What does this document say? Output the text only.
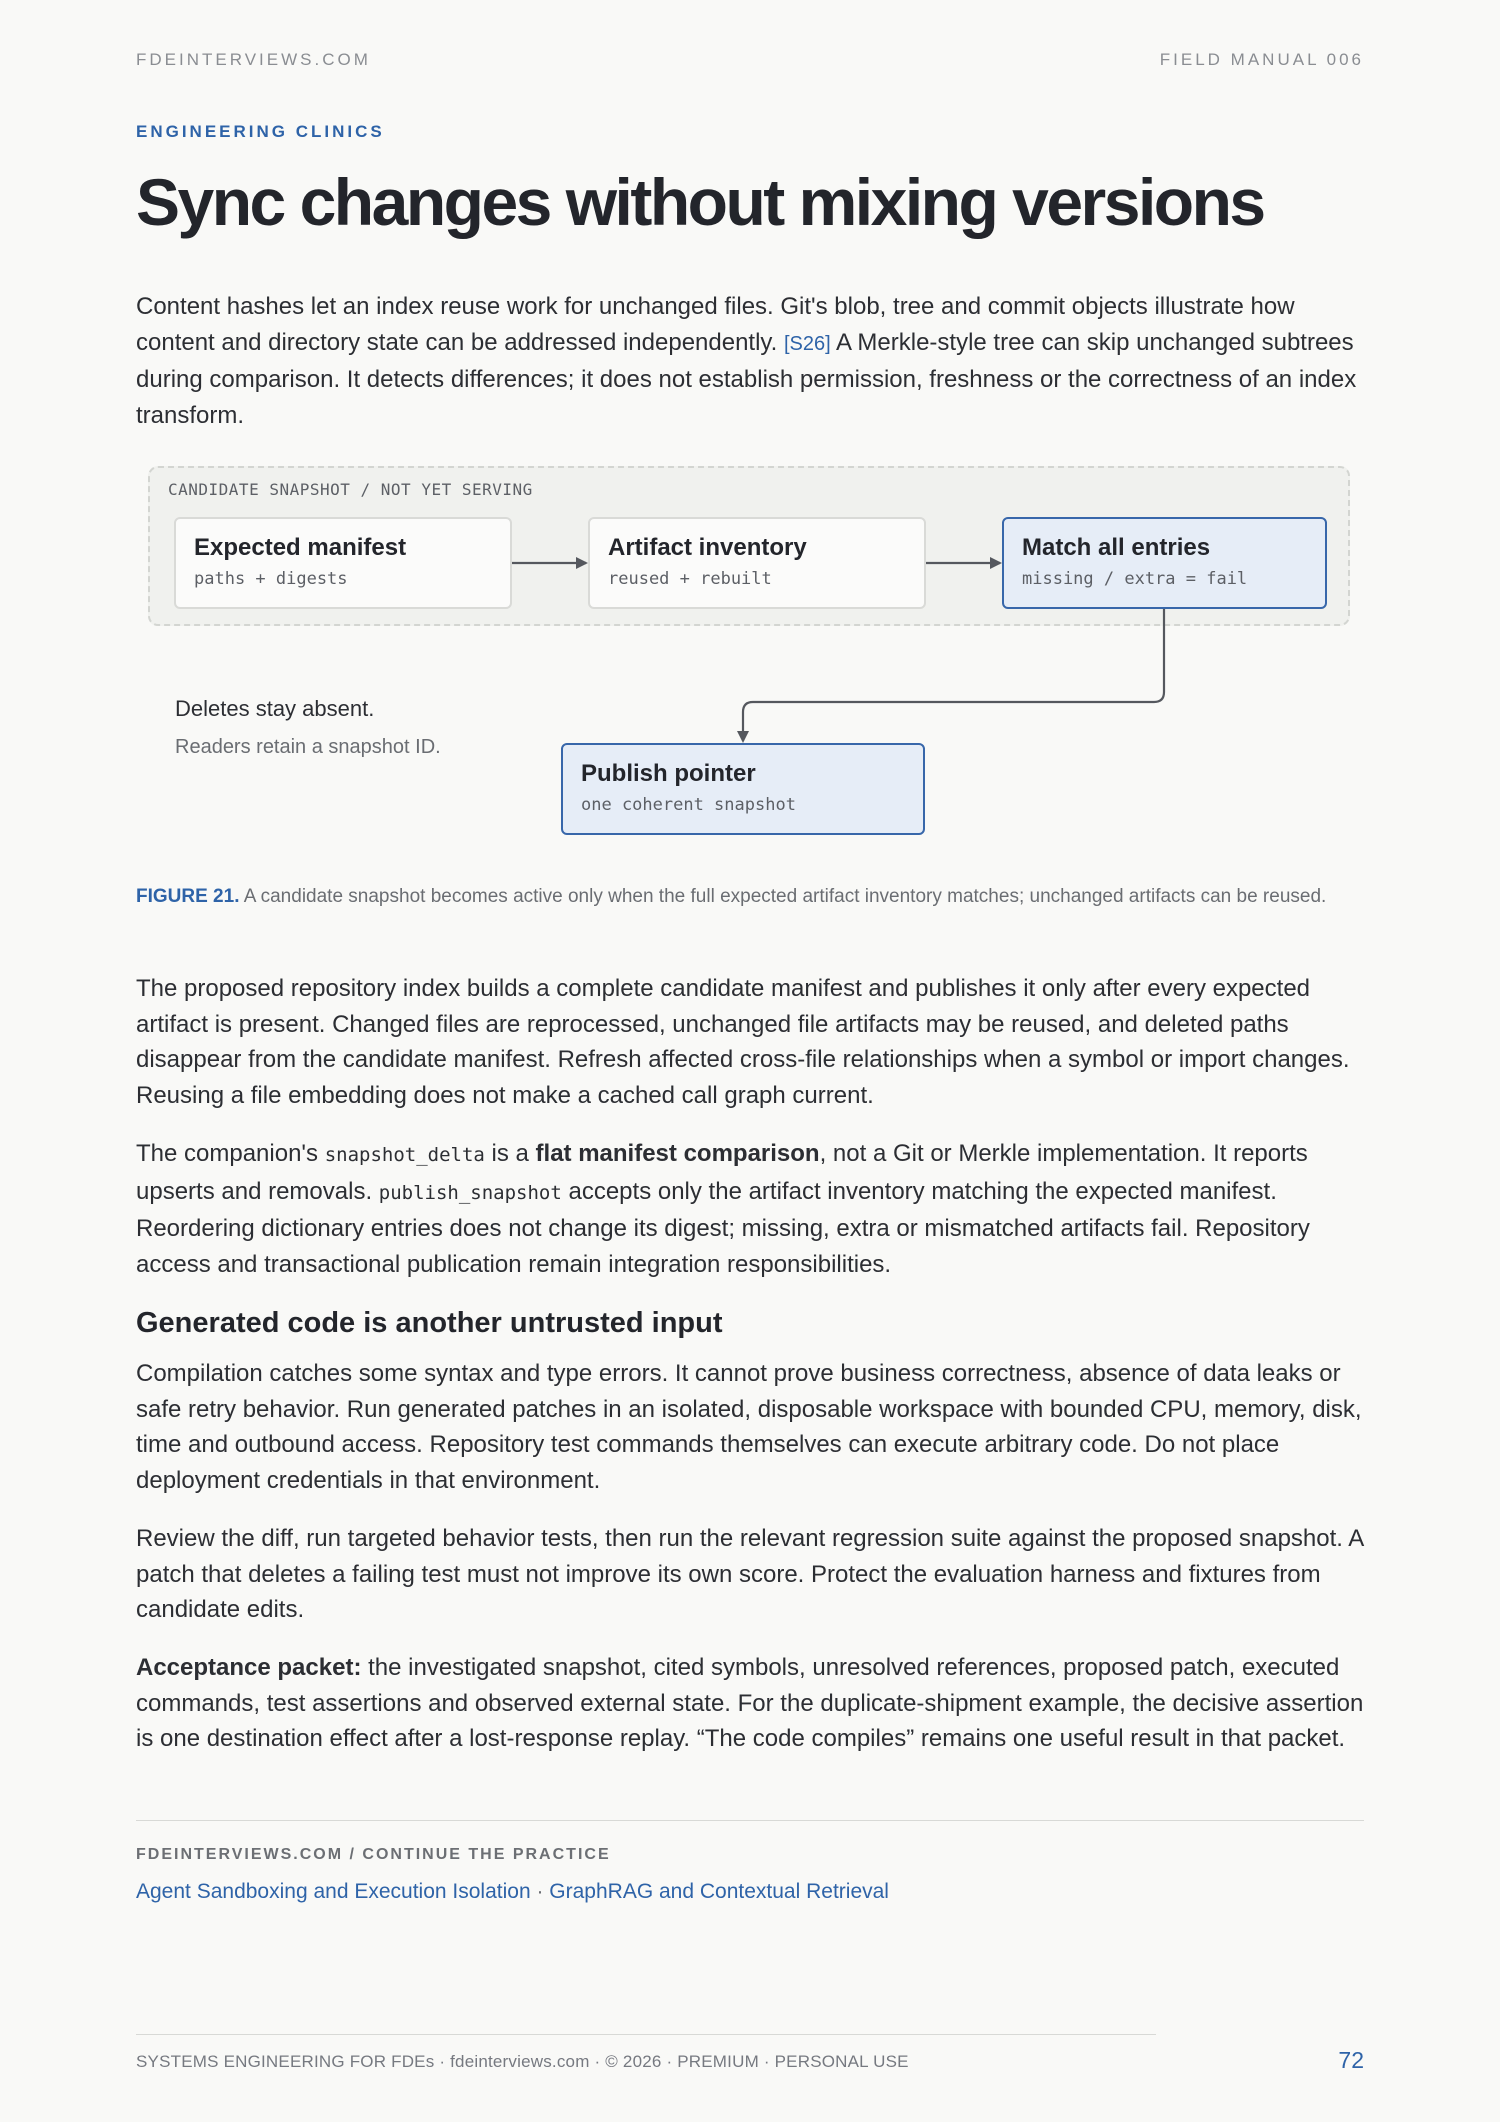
FDEINTERVIEWS.COM	FIELD MANUAL 006
ENGINEERING CLINICS
Sync changes without mixing versions

Content hashes let an index reuse work for unchanged files. Git's blob, tree and commit objects illustrate how content and directory state can be addressed independently. [S26] A Merkle-style tree can skip unchanged subtrees during comparison. It detects differences; it does not establish permission, freshness or the correctness of an index transform.

CANDIDATE SNAPSHOT / NOT YET SERVING
Expected manifest
paths + digests
Artifact inventory
reused + rebuilt
Match all entries
missing / extra = fail
Publish pointer
one coherent snapshot
Deletes stay absent.
Readers retain a snapshot ID.
FIGURE 21. A candidate snapshot becomes active only when the full expected artifact inventory matches; unchanged artifacts can be reused.

The proposed repository index builds a complete candidate manifest and publishes it only after every expected artifact is present. Changed files are reprocessed, unchanged file artifacts may be reused, and deleted paths disappear from the candidate manifest. Refresh affected cross-file relationships when a symbol or import changes. Reusing a file embedding does not make a cached call graph current.

The companion's snapshot_delta is a flat manifest comparison, not a Git or Merkle implementation. It reports upserts and removals. publish_snapshot accepts only the artifact inventory matching the expected manifest. Reordering dictionary entries does not change its digest; missing, extra or mismatched artifacts fail. Repository access and transactional publication remain integration responsibilities.

Generated code is another untrusted input

Compilation catches some syntax and type errors. It cannot prove business correctness, absence of data leaks or safe retry behavior. Run generated patches in an isolated, disposable workspace with bounded CPU, memory, disk, time and outbound access. Repository test commands themselves can execute arbitrary code. Do not place deployment credentials in that environment.

Review the diff, run targeted behavior tests, then run the relevant regression suite against the proposed snapshot. A patch that deletes a failing test must not improve its own score. Protect the evaluation harness and fixtures from candidate edits.

Acceptance packet: the investigated snapshot, cited symbols, unresolved references, proposed patch, executed commands, test assertions and observed external state. For the duplicate-shipment example, the decisive assertion is one destination effect after a lost-response replay. “The code compiles” remains one useful result in that packet.

FDEINTERVIEWS.COM / CONTINUE THE PRACTICE
Agent Sandboxing and Execution Isolation · GraphRAG and Contextual Retrieval
SYSTEMS ENGINEERING FOR FDEs · fdeinterviews.com · © 2026 · PREMIUM · PERSONAL USE	72
